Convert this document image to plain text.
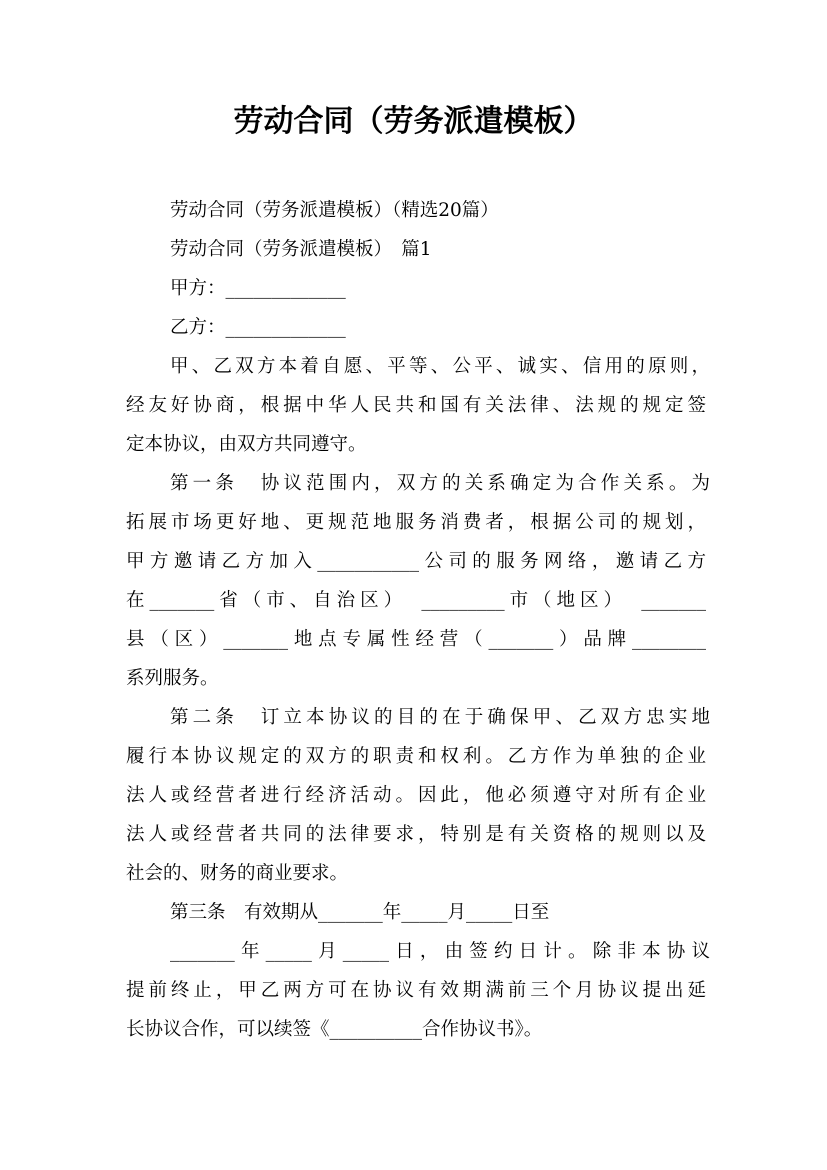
劳动合同（劳务派遣模板）
劳动合同（劳务派遣模板）（精选20篇）
劳动合同（劳务派遣模板）　篇1
甲方：_____________
乙方：_____________
甲、乙双方本着自愿、平等、公平、诚实、信用的原则，
经友好协商，根据中华人民共和国有关法律、法规的规定签
定本协议，由双方共同遵守。
第一条　协议范围内，双方的关系确定为合作关系。为
拓展市场更好地、更规范地服务消费者，根据公司的规划，
甲方邀请乙方加入___________公司的服务网络，邀请乙方
在_______省（市、自治区）　_________市（地区）　_______
县（区）_______地点专属性经营（_______）品牌________
系列服务。
第二条　订立本协议的目的在于确保甲、乙双方忠实地
履行本协议规定的双方的职责和权利。乙方作为单独的企业
法人或经营者进行经济活动。因此，他必须遵守对所有企业
法人或经营者共同的法律要求，特别是有关资格的规则以及
社会的、财务的商业要求。
第三条　有效期从_______年_____月_____日至
_______年_____月_____日，由签约日计。除非本协议
提前终止，甲乙两方可在协议有效期满前三个月协议提出延
长协议合作，可以续签《__________合作协议书》。
